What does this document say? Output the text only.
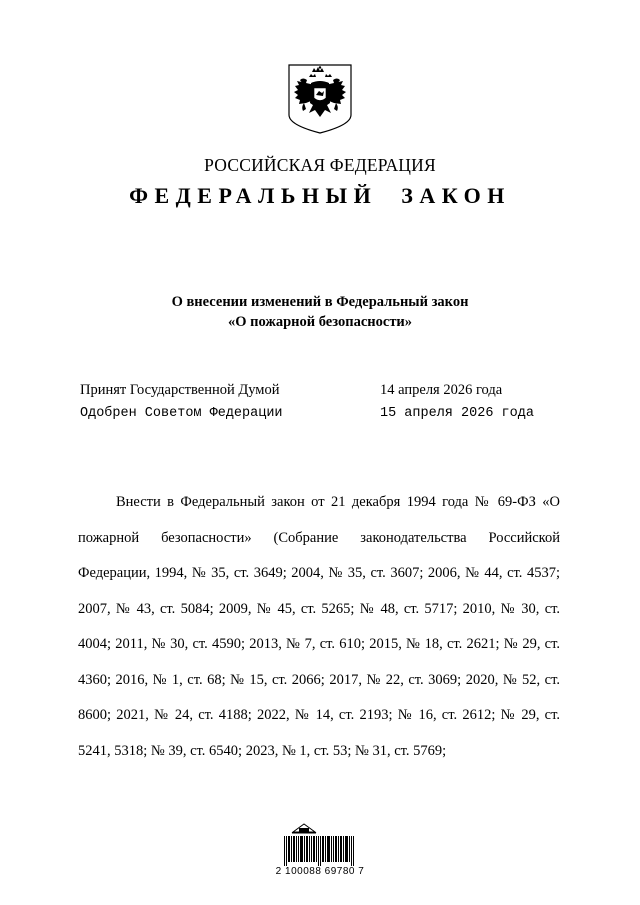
РОССИЙСКАЯ ФЕДЕРАЦИЯ
ФЕДЕРАЛЬНЫЙ ЗАКОН
О внесении изменений в Федеральный закон
«О пожарной безопасности»
Принят Государственной Думой	14 апреля 2026 года
Одобрен Советом Федерации	15 апреля 2026 года

Внести в Федеральный закон от 21 декабря 1994 года № 69-ФЗ «О пожарной безопасности» (Собрание законодательства Российской Федерации, 1994, № 35, ст. 3649; 2004, № 35, ст. 3607; 2006, № 44, ст. 4537; 2007, № 43, ст. 5084; 2009, № 45, ст. 5265; № 48, ст. 5717; 2010, № 30, ст. 4004; 2011, № 30, ст. 4590; 2013, № 7, ст. 610; 2015, № 18, ст. 2621; № 29, ст. 4360; 2016, № 1, ст. 68; № 15, ст. 2066; 2017, № 22, ст. 3069; 2020, № 52, ст. 8600; 2021, № 24, ст. 4188; 2022, № 14, ст. 2193; № 16, ст. 2612; № 29, ст. 5241, 5318; № 39, ст. 6540; 2023, № 1, ст. 53; № 31, ст. 5769;

2 100088 69780 7
